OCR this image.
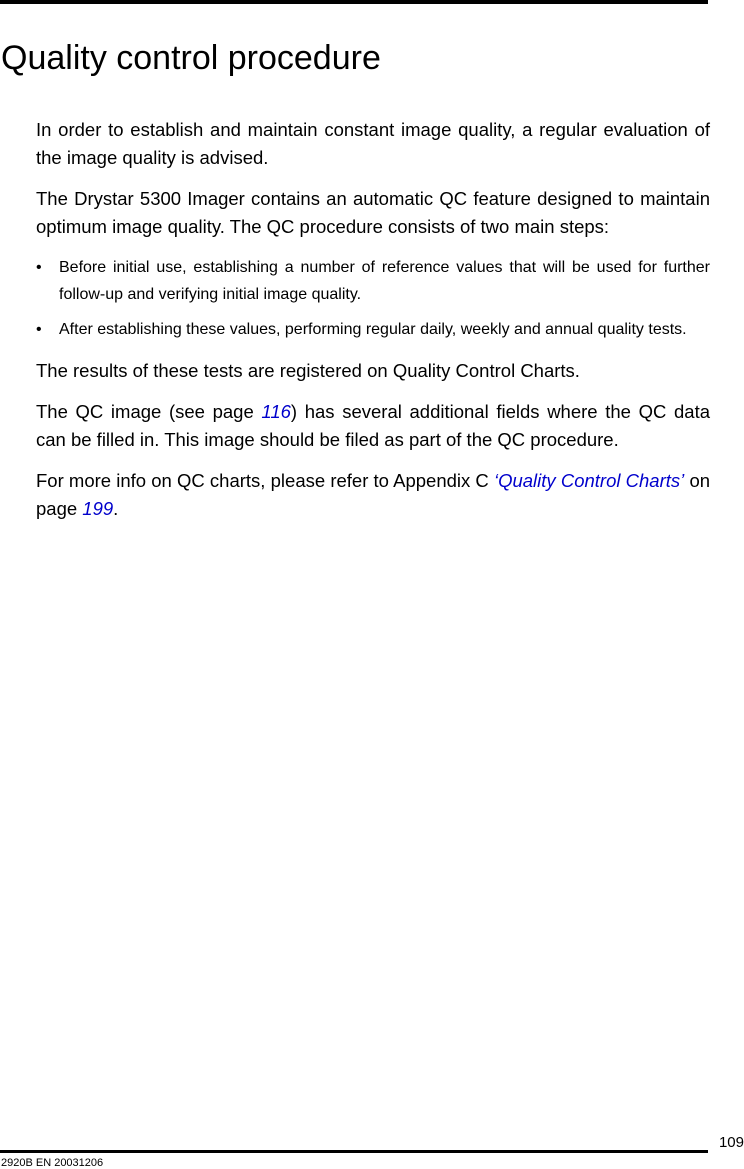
Quality control procedure

In order to establish and maintain constant image quality, a regular evaluation of the image quality is advised.

The Drystar 5300 Imager contains an automatic QC feature designed to maintain optimum image quality. The QC procedure consists of two main steps:

• Before initial use, establishing a number of reference values that will be used for further follow-up and verifying initial image quality.
• After establishing these values, performing regular daily, weekly and annual quality tests.

The results of these tests are registered on Quality Control Charts.

The QC image (see page 116) has several additional fields where the QC data can be filled in. This image should be filed as part of the QC procedure.

For more info on QC charts, please refer to Appendix C ‘Quality Control Charts’ on page 199.

109
2920B EN 20031206
